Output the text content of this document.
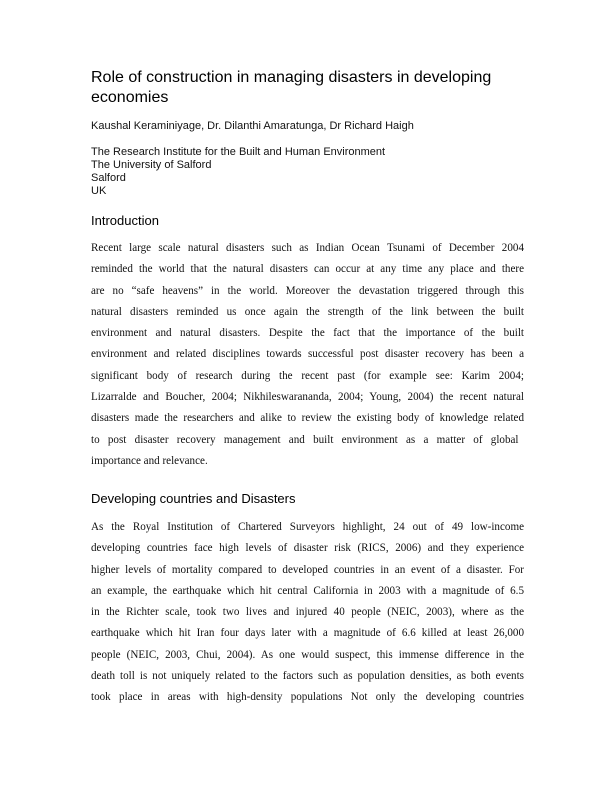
Role of construction in managing disasters in developing
economies
Kaushal Keraminiyage, Dr. Dilanthi Amaratunga, Dr Richard Haigh
The Research Institute for the Built and Human Environment
The University of Salford
Salford
UK
Introduction
Recent large scale natural disasters such as Indian Ocean Tsunami of December 2004
reminded the world that the natural disasters can occur at any time any place and there
are no “safe heavens” in the world. Moreover the devastation triggered through this
natural disasters reminded us once again the strength of the link between the built
environment and natural disasters. Despite the fact that the importance of the built
environment and related disciplines towards successful post disaster recovery has been a
significant body of research during the recent past (for example see: Karim 2004;
Lizarralde and Boucher, 2004; Nikhileswarananda, 2004; Young, 2004) the recent natural
disasters made the researchers and alike to review the existing body of knowledge related
to post disaster recovery management and built environment as a matter of global
importance and relevance.
Developing countries and Disasters
As the Royal Institution of Chartered Surveyors highlight, 24 out of 49 low-income
developing countries face high levels of disaster risk (RICS, 2006) and they experience
higher levels of mortality compared to developed countries in an event of a disaster. For
an example, the earthquake which hit central California in 2003 with a magnitude of 6.5
in the Richter scale, took two lives and injured 40 people (NEIC, 2003), where as the
earthquake which hit Iran four days later with a magnitude of 6.6 killed at least 26,000
people (NEIC, 2003, Chui, 2004). As one would suspect, this immense difference in the
death toll is not uniquely related to the factors such as population densities, as both events
took place in areas with high-density populations Not only the developing countries
